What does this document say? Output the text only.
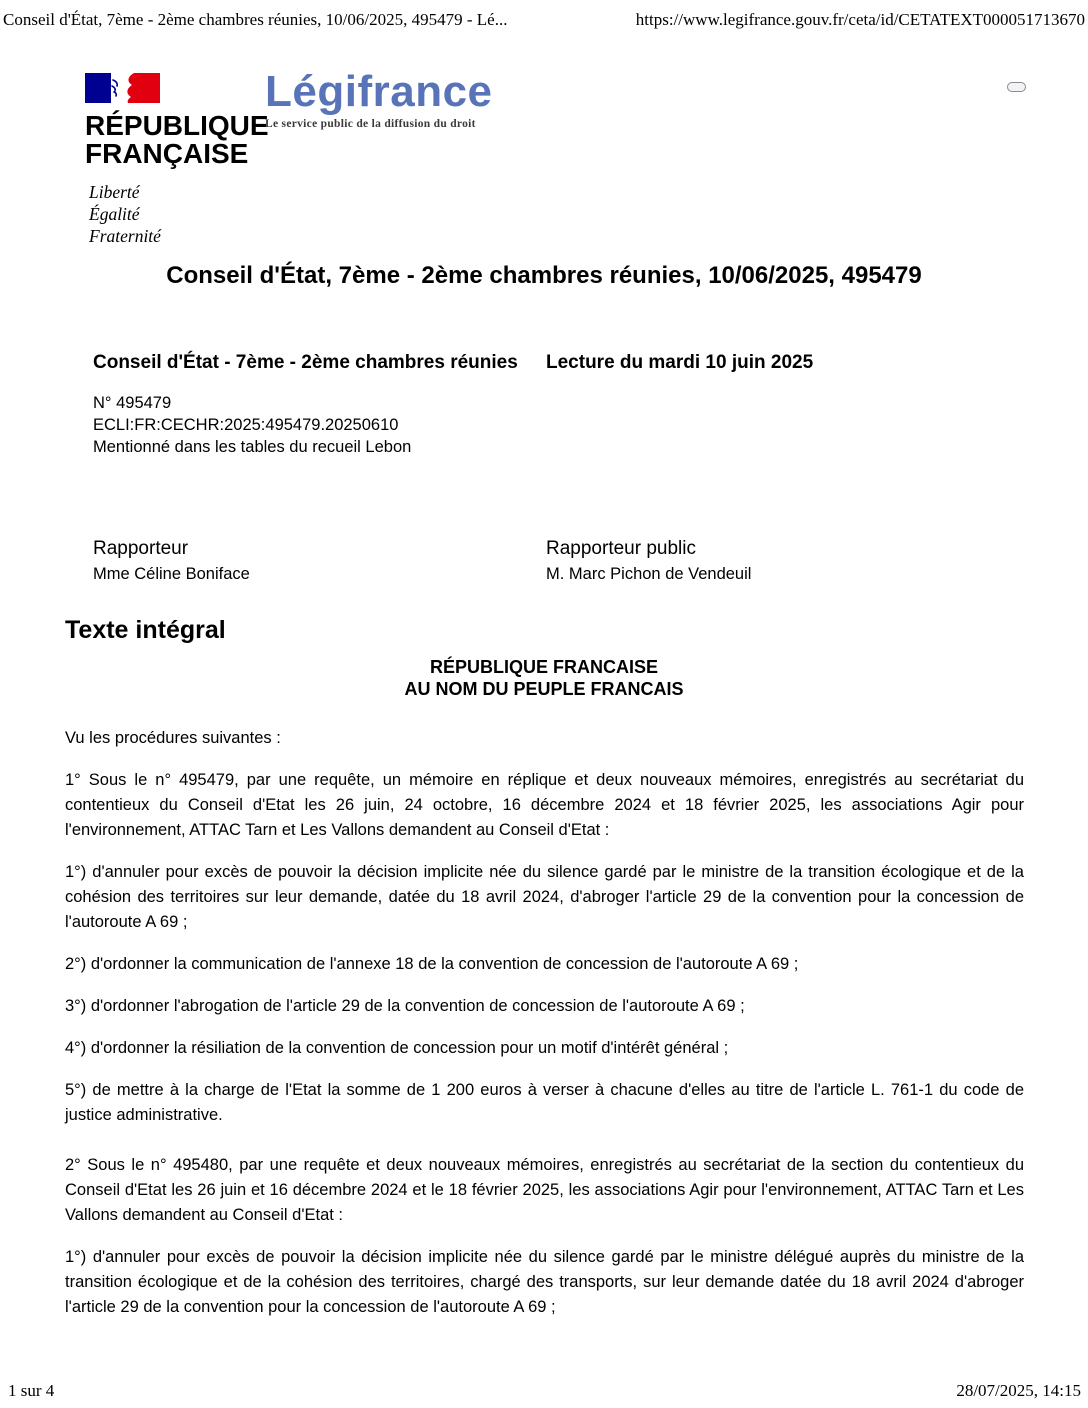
Conseil d'État, 7ème - 2ème chambres réunies, 10/06/2025, 495479 - Lé...	https://www.legifrance.gouv.fr/ceta/id/CETATEXT000051713670
RÉPUBLIQUE
FRANÇAISE
Liberté
Égalité
Fraternité
Légifrance
Le service public de la diffusion du droit
Conseil d'État, 7ème - 2ème chambres réunies, 10/06/2025, 495479
Conseil d'État - 7ème - 2ème chambres réunies
N° 495479
ECLI:FR:CECHR:2025:495479.20250610
Mentionné dans les tables du recueil Lebon
Lecture du mardi 10 juin 2025
Rapporteur
Mme Céline Boniface
Rapporteur public
M. Marc Pichon de Vendeuil
Texte intégral
RÉPUBLIQUE FRANCAISE
AU NOM DU PEUPLE FRANCAIS

Vu les procédures suivantes :

1° Sous le n° 495479, par une requête, un mémoire en réplique et deux nouveaux mémoires, enregistrés au secrétariat du contentieux du Conseil d'Etat les 26 juin, 24 octobre, 16 décembre 2024 et 18 février 2025, les associations Agir pour l'environnement, ATTAC Tarn et Les Vallons demandent au Conseil d'Etat :

1°) d'annuler pour excès de pouvoir la décision implicite née du silence gardé par le ministre de la transition écologique et de la cohésion des territoires sur leur demande, datée du 18 avril 2024, d'abroger l'article 29 de la convention pour la concession de l'autoroute A 69 ;

2°) d'ordonner la communication de l'annexe 18 de la convention de concession de l'autoroute A 69 ;

3°) d'ordonner l'abrogation de l'article 29 de la convention de concession de l'autoroute A 69 ;

4°) d'ordonner la résiliation de la convention de concession pour un motif d'intérêt général ;

5°) de mettre à la charge de l'Etat la somme de 1 200 euros à verser à chacune d'elles au titre de l'article L. 761-1 du code de justice administrative.

2° Sous le n° 495480, par une requête et deux nouveaux mémoires, enregistrés au secrétariat de la section du contentieux du Conseil d'Etat les 26 juin et 16 décembre 2024 et le 18 février 2025, les associations Agir pour l'environnement, ATTAC Tarn et Les Vallons demandent au Conseil d'Etat :

1°) d'annuler pour excès de pouvoir la décision implicite née du silence gardé par le ministre délégué auprès du ministre de la transition écologique et de la cohésion des territoires, chargé des transports, sur leur demande datée du 18 avril 2024 d'abroger l'article 29 de la convention pour la concession de l'autoroute A 69 ;

1 sur 4	28/07/2025, 14:15
